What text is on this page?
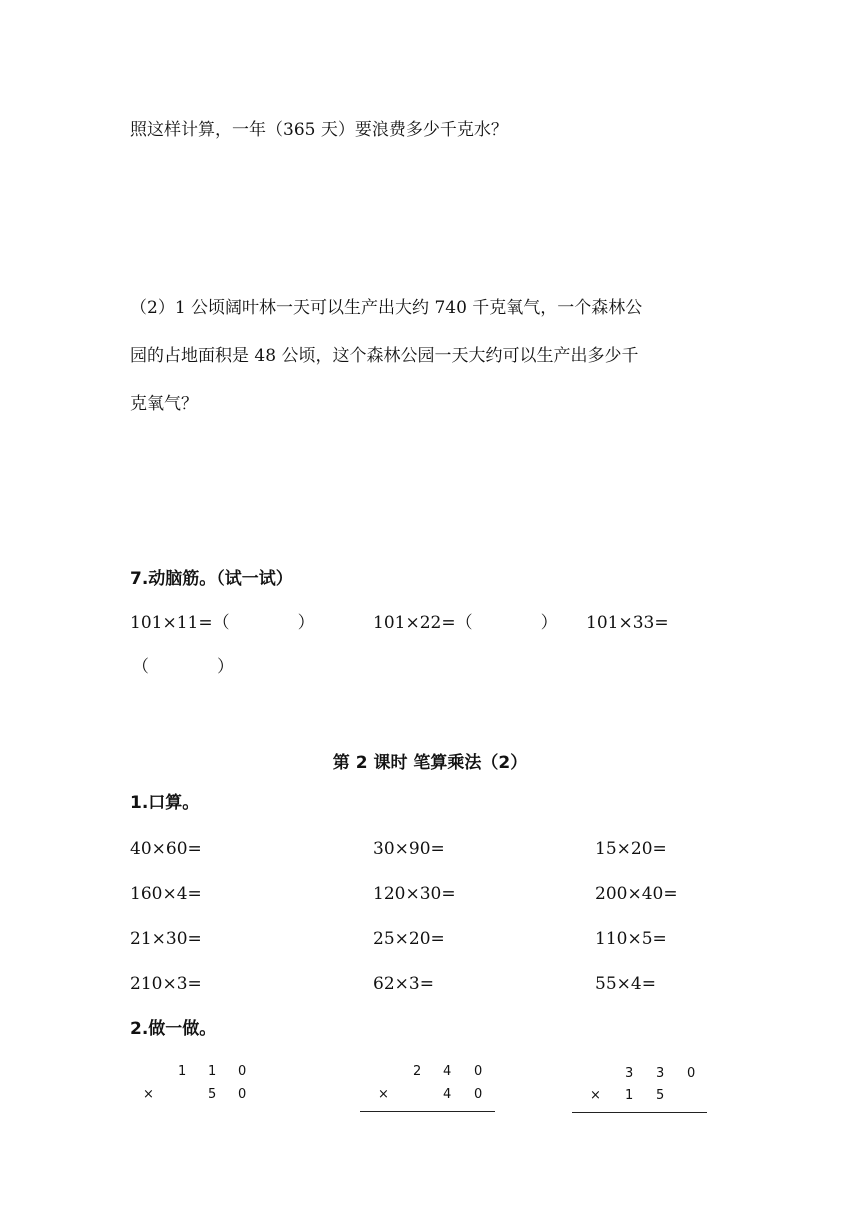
照这样计算，一年（365 天）要浪费多少千克水？
（2）1 公顷阔叶林一天可以生产出大约 740 千克氧气，一个森林公
园的占地面积是 48 公顷，这个森林公园一天大约可以生产出多少千
克氧气？
7.动脑筋。（试一试）
101×11=（　　　　）	101×22=（　　　　） 101×33=
（　　　　）
第 2 课时 笔算乘法（2）
1.口算。
40×60=	30×90=	15×20=
160×4=	120×30=	200×40=
21×30=	25×20=	110×5=
210×3=	62×3=	55×4=
2.做一做。
1 1 0
×	5 0
2 4 0
×	4 0
3 3 0
× 1 5
